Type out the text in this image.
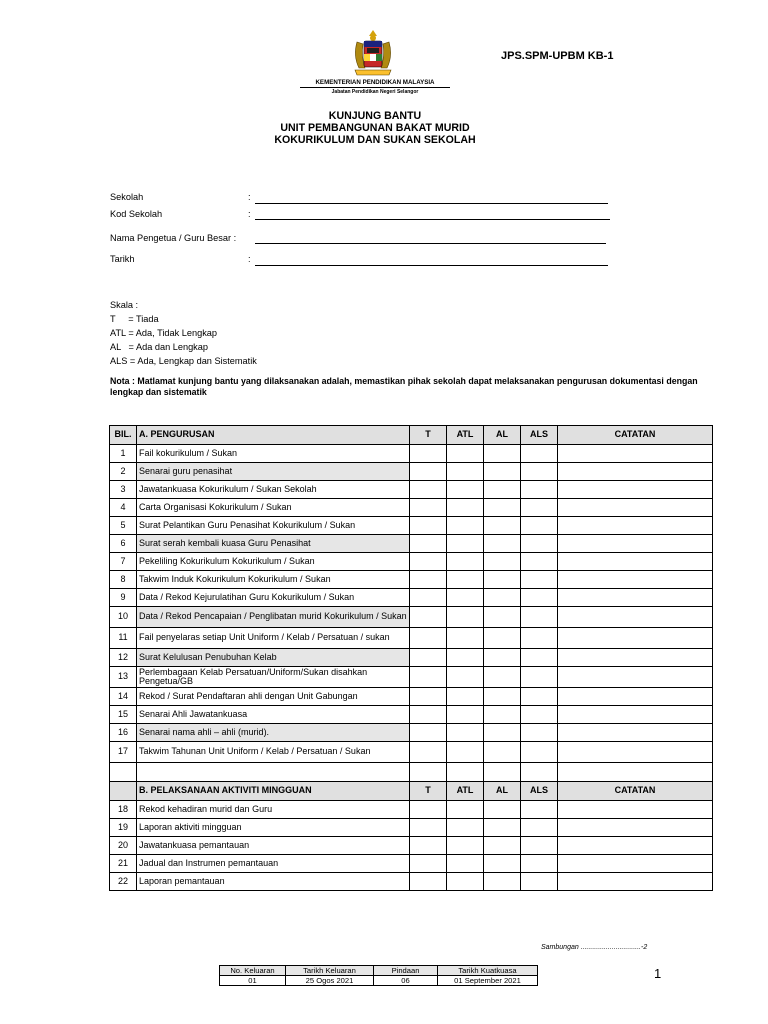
KEMENTERIAN PENDIDIKAN MALAYSIA
Jabatan Pendidikan Negeri Selangor
JPS.SPM-UPBM KB-1
KUNJUNG BANTU
UNIT PEMBANGUNAN BAKAT MURID
KOKURIKULUM DAN SUKAN SEKOLAH
Sekolah	:
Kod Sekolah	:
Nama Pengetua / Guru Besar :
Tarikh	:
Skala :
T     = Tiada
ATL = Ada, Tidak Lengkap
AL   = Ada dan Lengkap
ALS = Ada, Lengkap dan Sistematik
Nota : Matlamat kunjung bantu yang dilaksanakan adalah, memastikan pihak sekolah dapat melaksanakan pengurusan dokumentasi dengan lengkap dan sistematik
BIL.	A. PENGURUSAN	T	ATL	AL	ALS	CATATAN
1	Fail kokurikulum / Sukan					
2	Senarai guru penasihat					
3	Jawatankuasa Kokurikulum / Sukan Sekolah					
4	Carta Organisasi Kokurikulum / Sukan					
5	Surat Pelantikan Guru Penasihat Kokurikulum / Sukan					
6	Surat serah kembali kuasa Guru Penasihat					
7	Pekeliling Kokurikulum Kokurikulum / Sukan					
8	Takwim Induk Kokurikulum Kokurikulum / Sukan					
9	Data / Rekod Kejurulatihan Guru Kokurikulum / Sukan					
10	Data / Rekod Pencapaian / Penglibatan murid Kokurikulum / Sukan					
11	Fail penyelaras setiap Unit Uniform / Kelab / Persatuan / sukan					
12	Surat Kelulusan Penubuhan Kelab					
13	Perlembagaan Kelab Persatuan/Uniform/Sukan disahkan Pengetua/GB					
14	Rekod / Surat Pendaftaran ahli dengan Unit Gabungan					
15	Senarai Ahli Jawatankuasa					
16	Senarai nama ahli – ahli (murid).					
17	Takwim Tahunan Unit Uniform / Kelab / Persatuan / Sukan					

	B. PELAKSANAAN AKTIVITI MINGGUAN	T	ATL	AL	ALS	CATATAN
18	Rekod kehadiran murid dan Guru					
19	Laporan aktiviti mingguan					
20	Jawatankuasa pemantauan					
21	Jadual dan Instrumen pemantauan					
22	Laporan pemantauan					
Sambungan ...............................-2
No. Keluaran	Tarikh Keluaran	Pindaan	Tarikh Kuatkuasa
01	25 Ogos 2021	06	01 September 2021	1
